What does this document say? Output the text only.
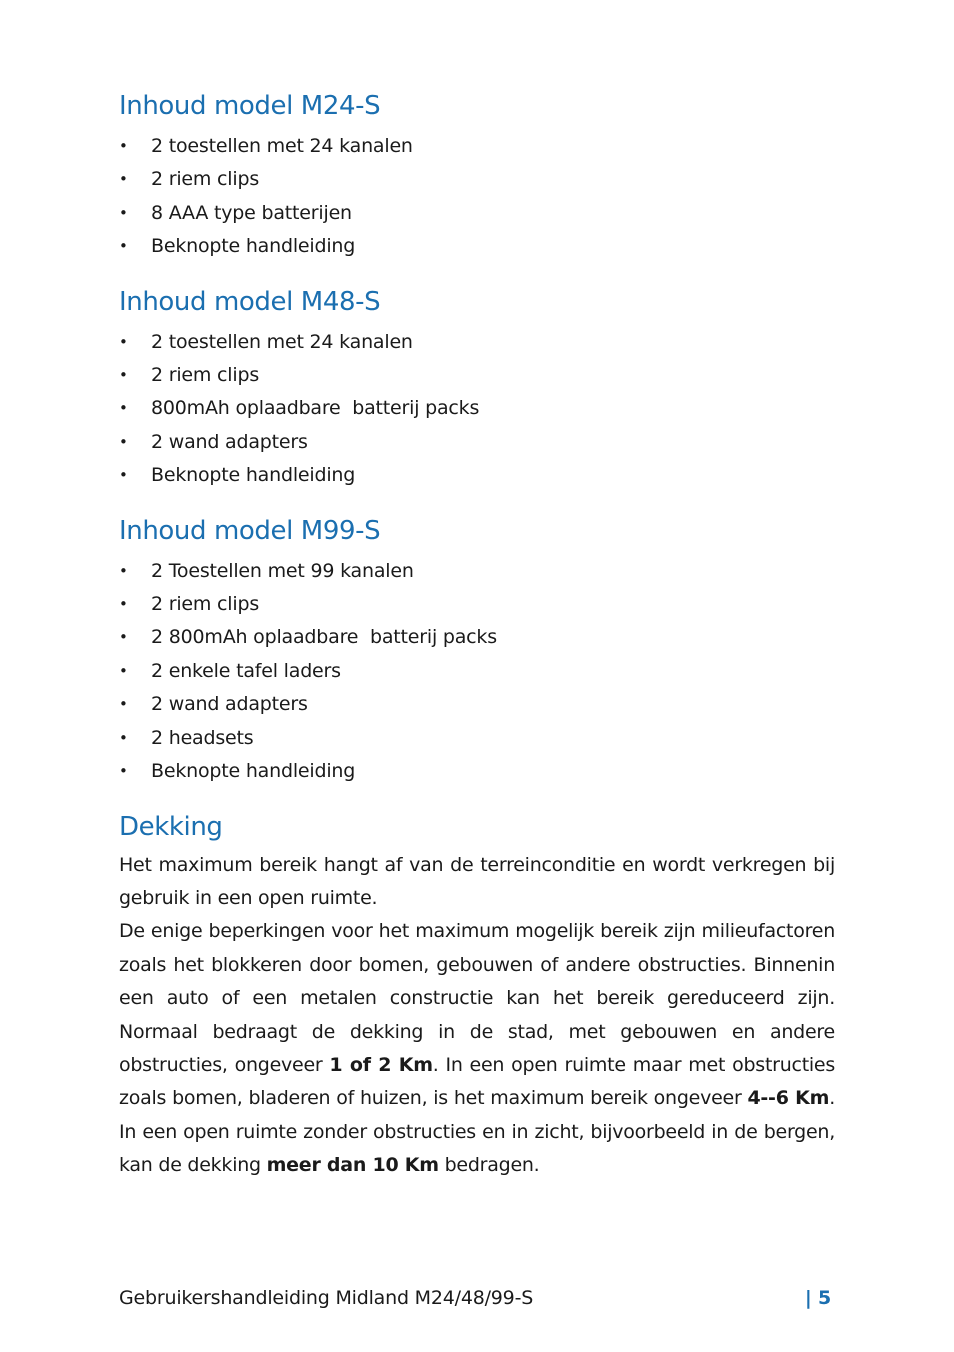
Inhoud model M24-S
• 2 toestellen met 24 kanalen
• 2 riem clips
• 8 AAA type batterijen
• Beknopte handleiding
Inhoud model M48-S
• 2 toestellen met 24 kanalen
• 2 riem clips
• 800mAh oplaadbare  batterij packs
• 2 wand adapters
• Beknopte handleiding
Inhoud model M99-S
• 2 Toestellen met 99 kanalen
• 2 riem clips
• 2 800mAh oplaadbare  batterij packs
• 2 enkele tafel laders
• 2 wand adapters
• 2 headsets
• Beknopte handleiding
Dekking

Het maximum bereik hangt af van de terreinconditie en wordt verkregen bij gebruik in een open ruimte.

De enige beperkingen voor het maximum mogelijk bereik zijn milieufactoren zoals het blokkeren door bomen, gebouwen of andere obstructies. Binnenin een auto of een metalen constructie kan het bereik gereduceerd zijn. Normaal bedraagt de dekking in de stad, met gebouwen en andere obstructies, ongeveer 1 of 2 Km. In een open ruimte maar met obstructies zoals bomen, bladeren of huizen, is het maximum bereik ongeveer 4--6 Km. In een open ruimte zonder obstructies en in zicht, bijvoorbeeld in de bergen, kan de dekking meer dan 10 Km bedragen.

Gebruikershandleiding Midland M24/48/99-S	| 5
